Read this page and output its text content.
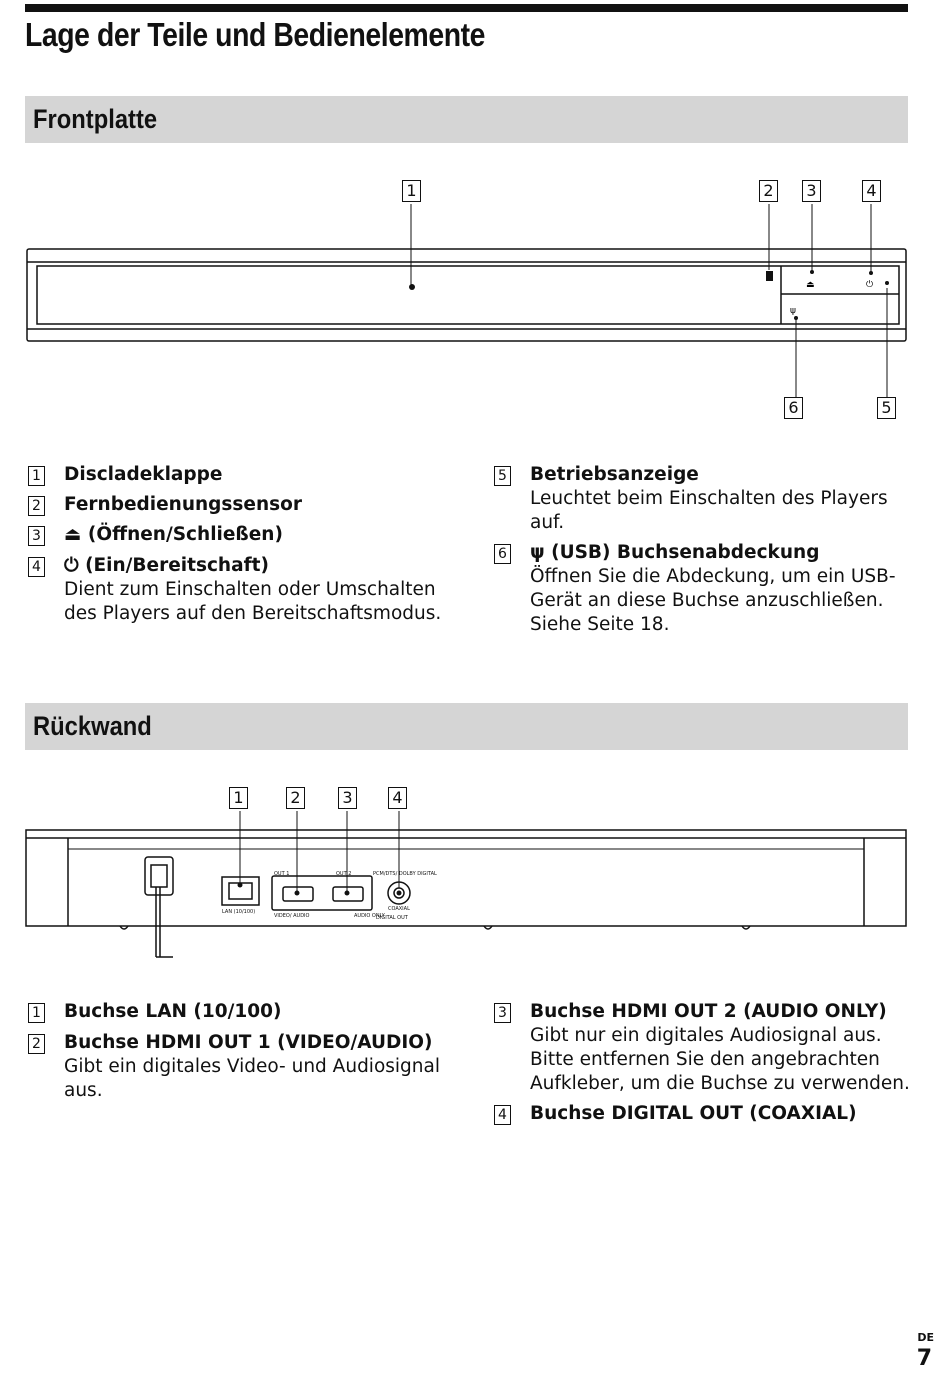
Lage der Teile und Bedienelemente
Frontplatte
1	2 3	4
6	5
⏏	⏻
ψ
1 Discladeklappe
2 Fernbedienungssensor
3 ⏏ (Öffnen/Schließen)
4 ⏻ (Ein/Bereitschaft)
Dient zum Einschalten oder Umschalten des Players auf den Bereitschaftsmodus.
5 Betriebsanzeige
Leuchtet beim Einschalten des Players auf.
6 ψ (USB) Buchsenabdeckung
Öffnen Sie die Abdeckung, um ein USB-Gerät an diese Buchse anzuschließen. Siehe Seite 18.
Rückwand
1	2	3 4
LAN (10/100)
OUT 1	OUT 2
VIDEO/ AUDIO	AUDIO ONLY
PCM/DTS/ DOLBY DIGITAL
COAXIAL
DIGITAL OUT
1 Buchse LAN (10/100)
2 Buchse HDMI OUT 1 (VIDEO/AUDIO)
Gibt ein digitales Video- und Audiosignal aus.
3 Buchse HDMI OUT 2 (AUDIO ONLY)
Gibt nur ein digitales Audiosignal aus. Bitte entfernen Sie den angebrachten Aufkleber, um die Buchse zu verwenden.
4 Buchse DIGITAL OUT (COAXIAL)
DE
7
